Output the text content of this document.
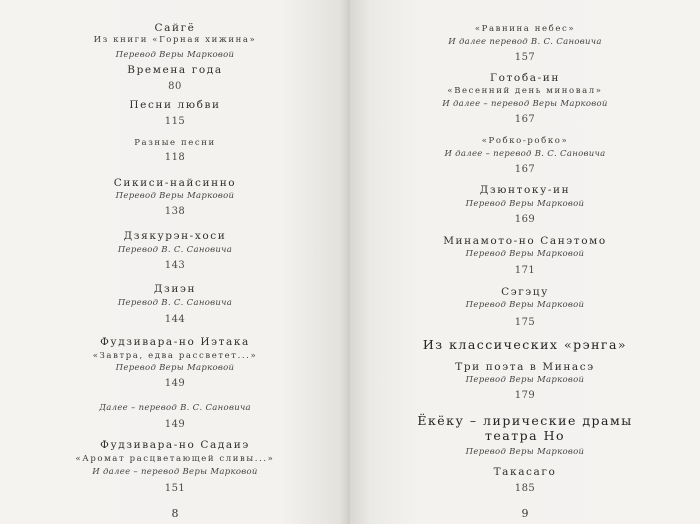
Сайгё
Из книги «Горная хижина»
Перевод Веры Марковой
Времена года
80
Песни любви
115
Разные песни
118
Сикиси-найсинно
Перевод Веры Марковой
138
Дзякурэн-хоси
Перевод В. С. Сановича
143
Дзиэн
Перевод В. С. Сановича
144
Фудзивара-но Иэтака
«Завтра, едва рассветет...»
Перевод Веры Марковой
149
Далее – перевод В. С. Сановича
149
Фудзивара-но Садаиэ
«Аромат расцветающей сливы...»
И далее – перевод Веры Марковой
151
8
«Равнина небес»
И далее перевод В. С. Сановича
157
Готоба-ин
«Весенний день миновал»
И далее – перевод Веры Марковой
167
«Робко-робко»
И далее – перевод В. С. Сановича
167
Дзюнтоку-ин
Перевод Веры Марковой
169
Минамото-но Санэтомо
Перевод Веры Марковой
171
Сэгэцу
Перевод Веры Марковой
175
Из классических «рэнга»
Три поэта в Минасэ
Перевод Веры Марковой
179
Ёкёку – лирические драмы
театра Но
Перевод Веры Марковой
Такасаго
185
9
